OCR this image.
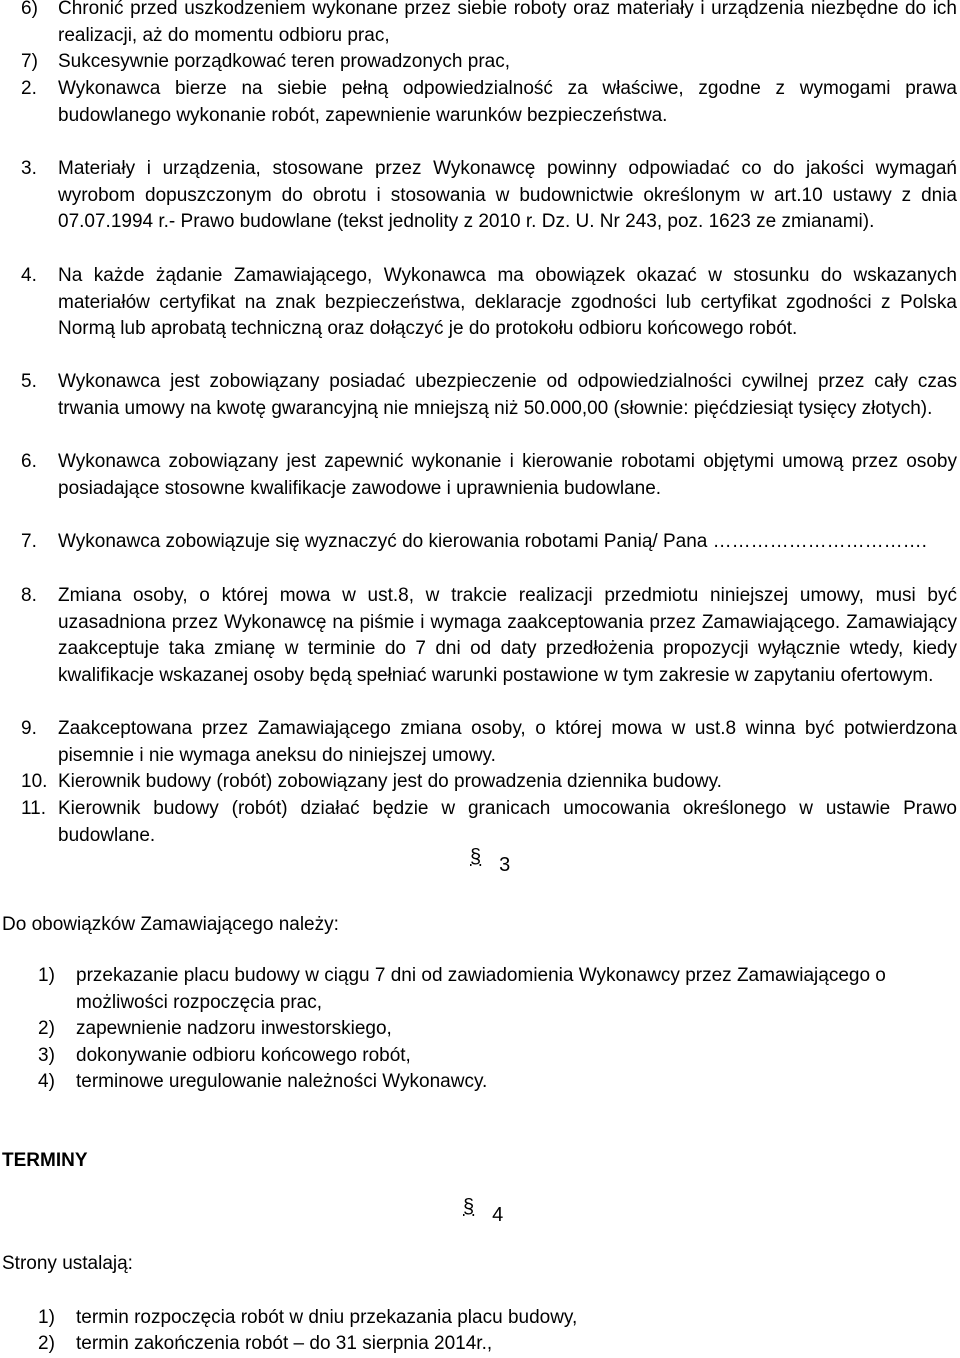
6) Chronić przed uszkodzeniem wykonane przez siebie roboty oraz materiały i urządzenia niezbędne do ich realizacji, aż do momentu odbioru prac,
7) Sukcesywnie porządkować teren prowadzonych prac,
2. Wykonawca bierze na siebie pełną odpowiedzialność za właściwe, zgodne z wymogami prawa budowlanego wykonanie robót, zapewnienie warunków bezpieczeństwa.
3. Materiały i urządzenia, stosowane przez Wykonawcę powinny odpowiadać co do jakości wymagań wyrobom dopuszczonym do obrotu i stosowania w budownictwie określonym w art.10 ustawy z dnia 07.07.1994 r.- Prawo budowlane (tekst jednolity z 2010 r. Dz. U. Nr 243, poz. 1623 ze zmianami).
4. Na każde żądanie Zamawiającego, Wykonawca ma obowiązek okazać w stosunku do wskazanych materiałów certyfikat na znak bezpieczeństwa, deklaracje zgodności lub certyfikat zgodności z Polska Normą lub aprobatą techniczną oraz dołączyć je do protokołu odbioru końcowego robót.
5. Wykonawca jest zobowiązany posiadać ubezpieczenie od odpowiedzialności cywilnej przez cały czas trwania umowy na kwotę gwarancyjną nie mniejszą niż 50.000,00 (słownie: pięćdziesiąt tysięcy złotych).
6. Wykonawca zobowiązany jest zapewnić wykonanie i kierowanie robotami objętymi umową przez osoby posiadające stosowne kwalifikacje zawodowe i uprawnienia budowlane.
7. Wykonawca zobowiązuje się wyznaczyć do kierowania robotami Panią/ Pana …………………………….
8. Zmiana osoby, o której mowa w ust.8, w trakcie realizacji przedmiotu niniejszej umowy, musi być uzasadniona przez Wykonawcę na piśmie i wymaga zaakceptowania przez Zamawiającego. Zamawiający zaakceptuje taka zmianę w terminie do 7 dni od daty przedłożenia propozycji wyłącznie wtedy, kiedy kwalifikacje wskazanej osoby będą spełniać warunki postawione w tym zakresie w zapytaniu ofertowym.
9. Zaakceptowana przez Zamawiającego zmiana osoby, o której mowa w ust.8 winna być potwierdzona pisemnie i nie wymaga aneksu do niniejszej umowy.
10. Kierownik budowy (robót) zobowiązany jest do prowadzenia dziennika budowy.
11. Kierownik budowy (robót) działać będzie w granicach umocowania określonego w ustawie Prawo budowlane.
§ 3
Do obowiązków Zamawiającego należy:
1) przekazanie placu budowy w ciągu 7 dni od zawiadomienia Wykonawcy przez Zamawiającego o możliwości rozpoczęcia prac,
2) zapewnienie nadzoru inwestorskiego,
3) dokonywanie odbioru końcowego robót,
4) terminowe uregulowanie należności Wykonawcy.
TERMINY
§ 4
Strony ustalają:
1) termin rozpoczęcia robót w dniu przekazania placu budowy,
2) termin zakończenia robót – do 31 sierpnia 2014r.,
